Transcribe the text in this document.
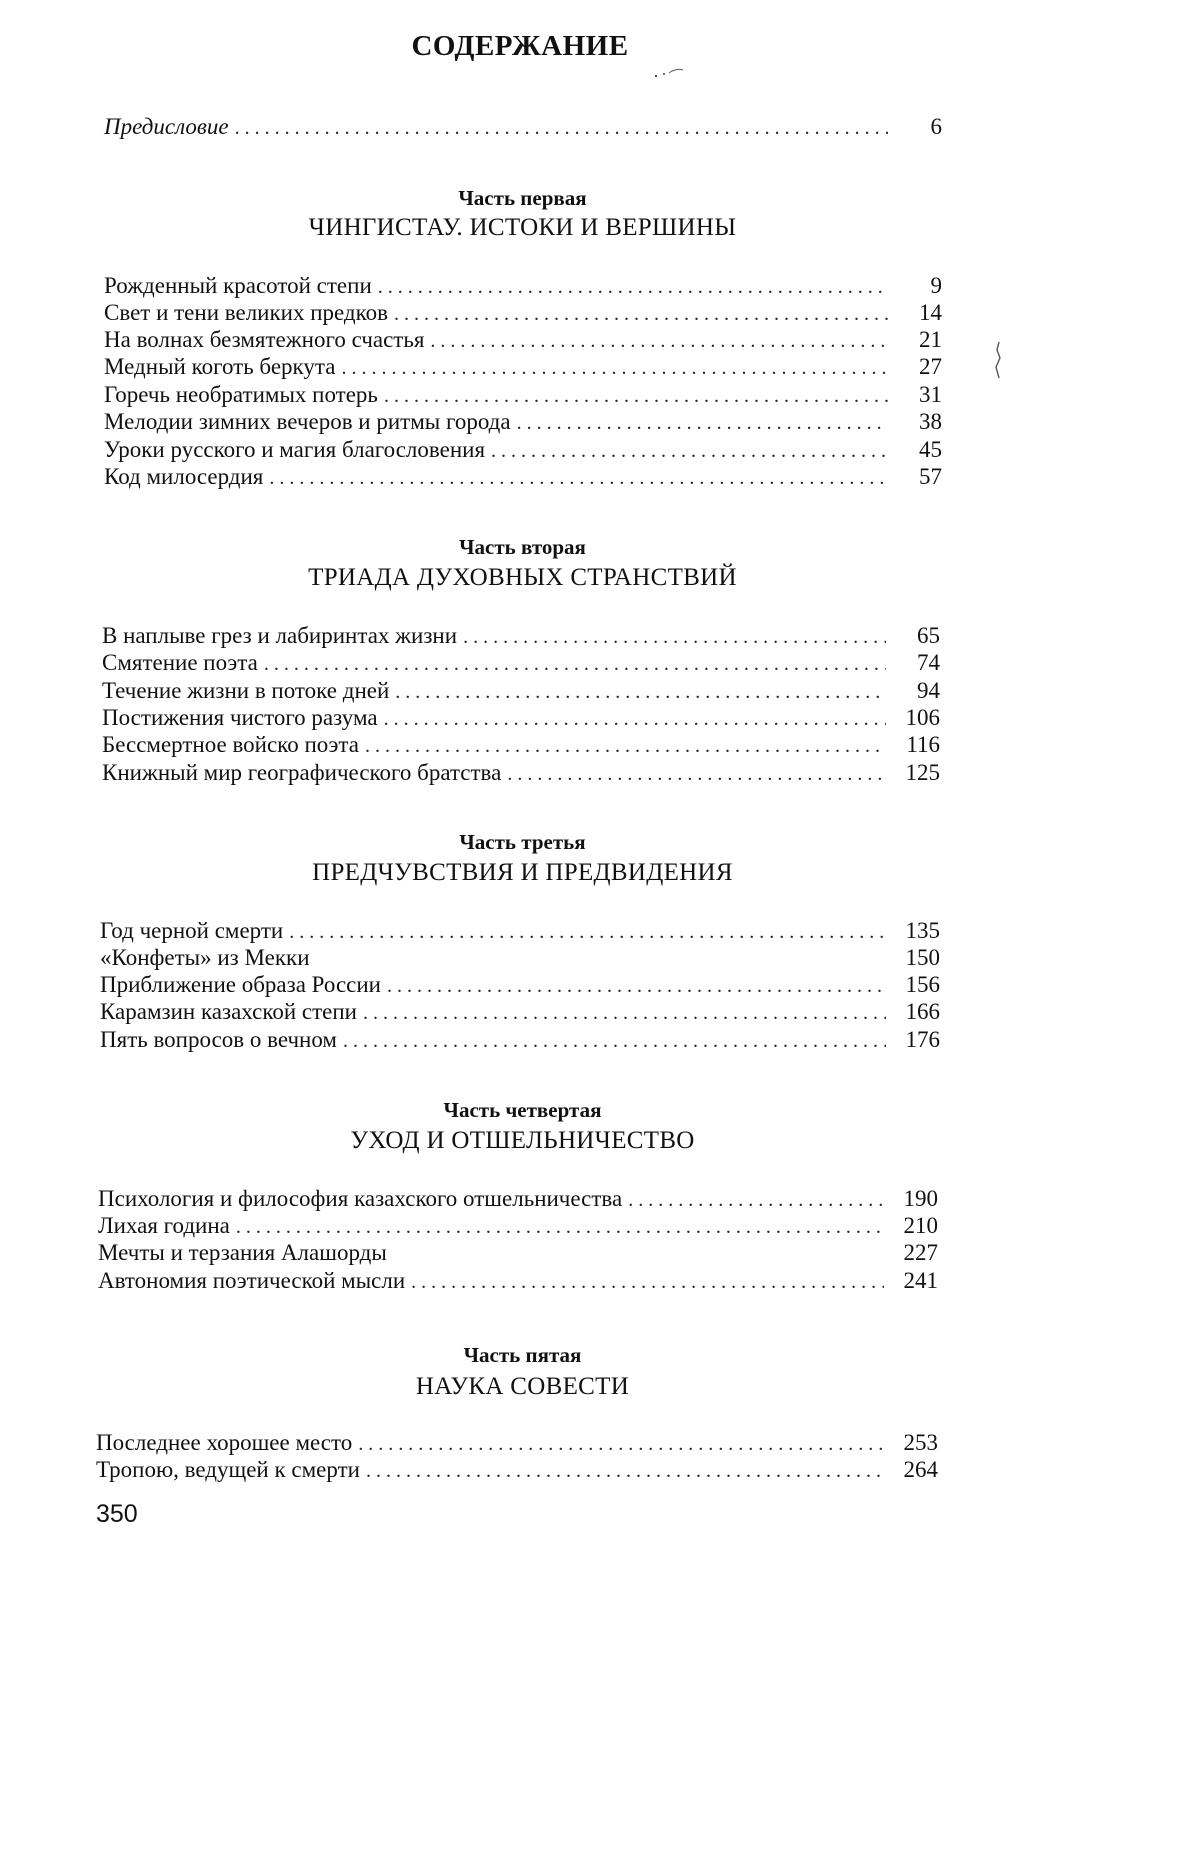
СОДЕРЖАНИЕ
Предисловие
. . .	6
Часть первая
ЧИНГИСТАУ. ИСТОКИ И ВЕРШИНЫ
Рожденный красотой степи
. . .	9
Свет и тени великих предков
. . .	14
На волнах безмятежного счастья
. . .	21
Медный коготь беркута
. . .	27
Горечь необратимых потерь
. . .	31
Мелодии зимних вечеров и ритмы города
. . .	38
Уроки русского и магия благословения
. . .	45
Код милосердия
. . .	57
Часть вторая
ТРИАДА ДУХОВНЫХ СТРАНСТВИЙ
В наплыве грез и лабиринтах жизни
. . .	65
Смятение поэта
. . .	74
Течение жизни в потоке дней
. . .	94
Постижения чистого разума
. . .	106
Бессмертное войско поэта
. . .	116
Книжный мир географического братства
. . .	125
Часть третья
ПРЕДЧУВСТВИЯ И ПРЕДВИДЕНИЯ
Год черной смерти
. . .	135
«Конфеты» из Мекки	150
Приближение образа России
. . .	156
Карамзин казахской степи
. . .	166
Пять вопросов о вечном
. . .	176
Часть четвертая
УХОД И ОТШЕЛЬНИЧЕСТВО
Психология и философия казахского отшельничества
. . .	190
Лихая година
. . .	210
Мечты и терзания Алашорды	227
Автономия поэтической мысли
. . .	241
Часть пятая
НАУКА СОВЕСТИ
Последнее хорошее место
. . .	253
Тропою, ведущей к смерти
. . .	264
350
